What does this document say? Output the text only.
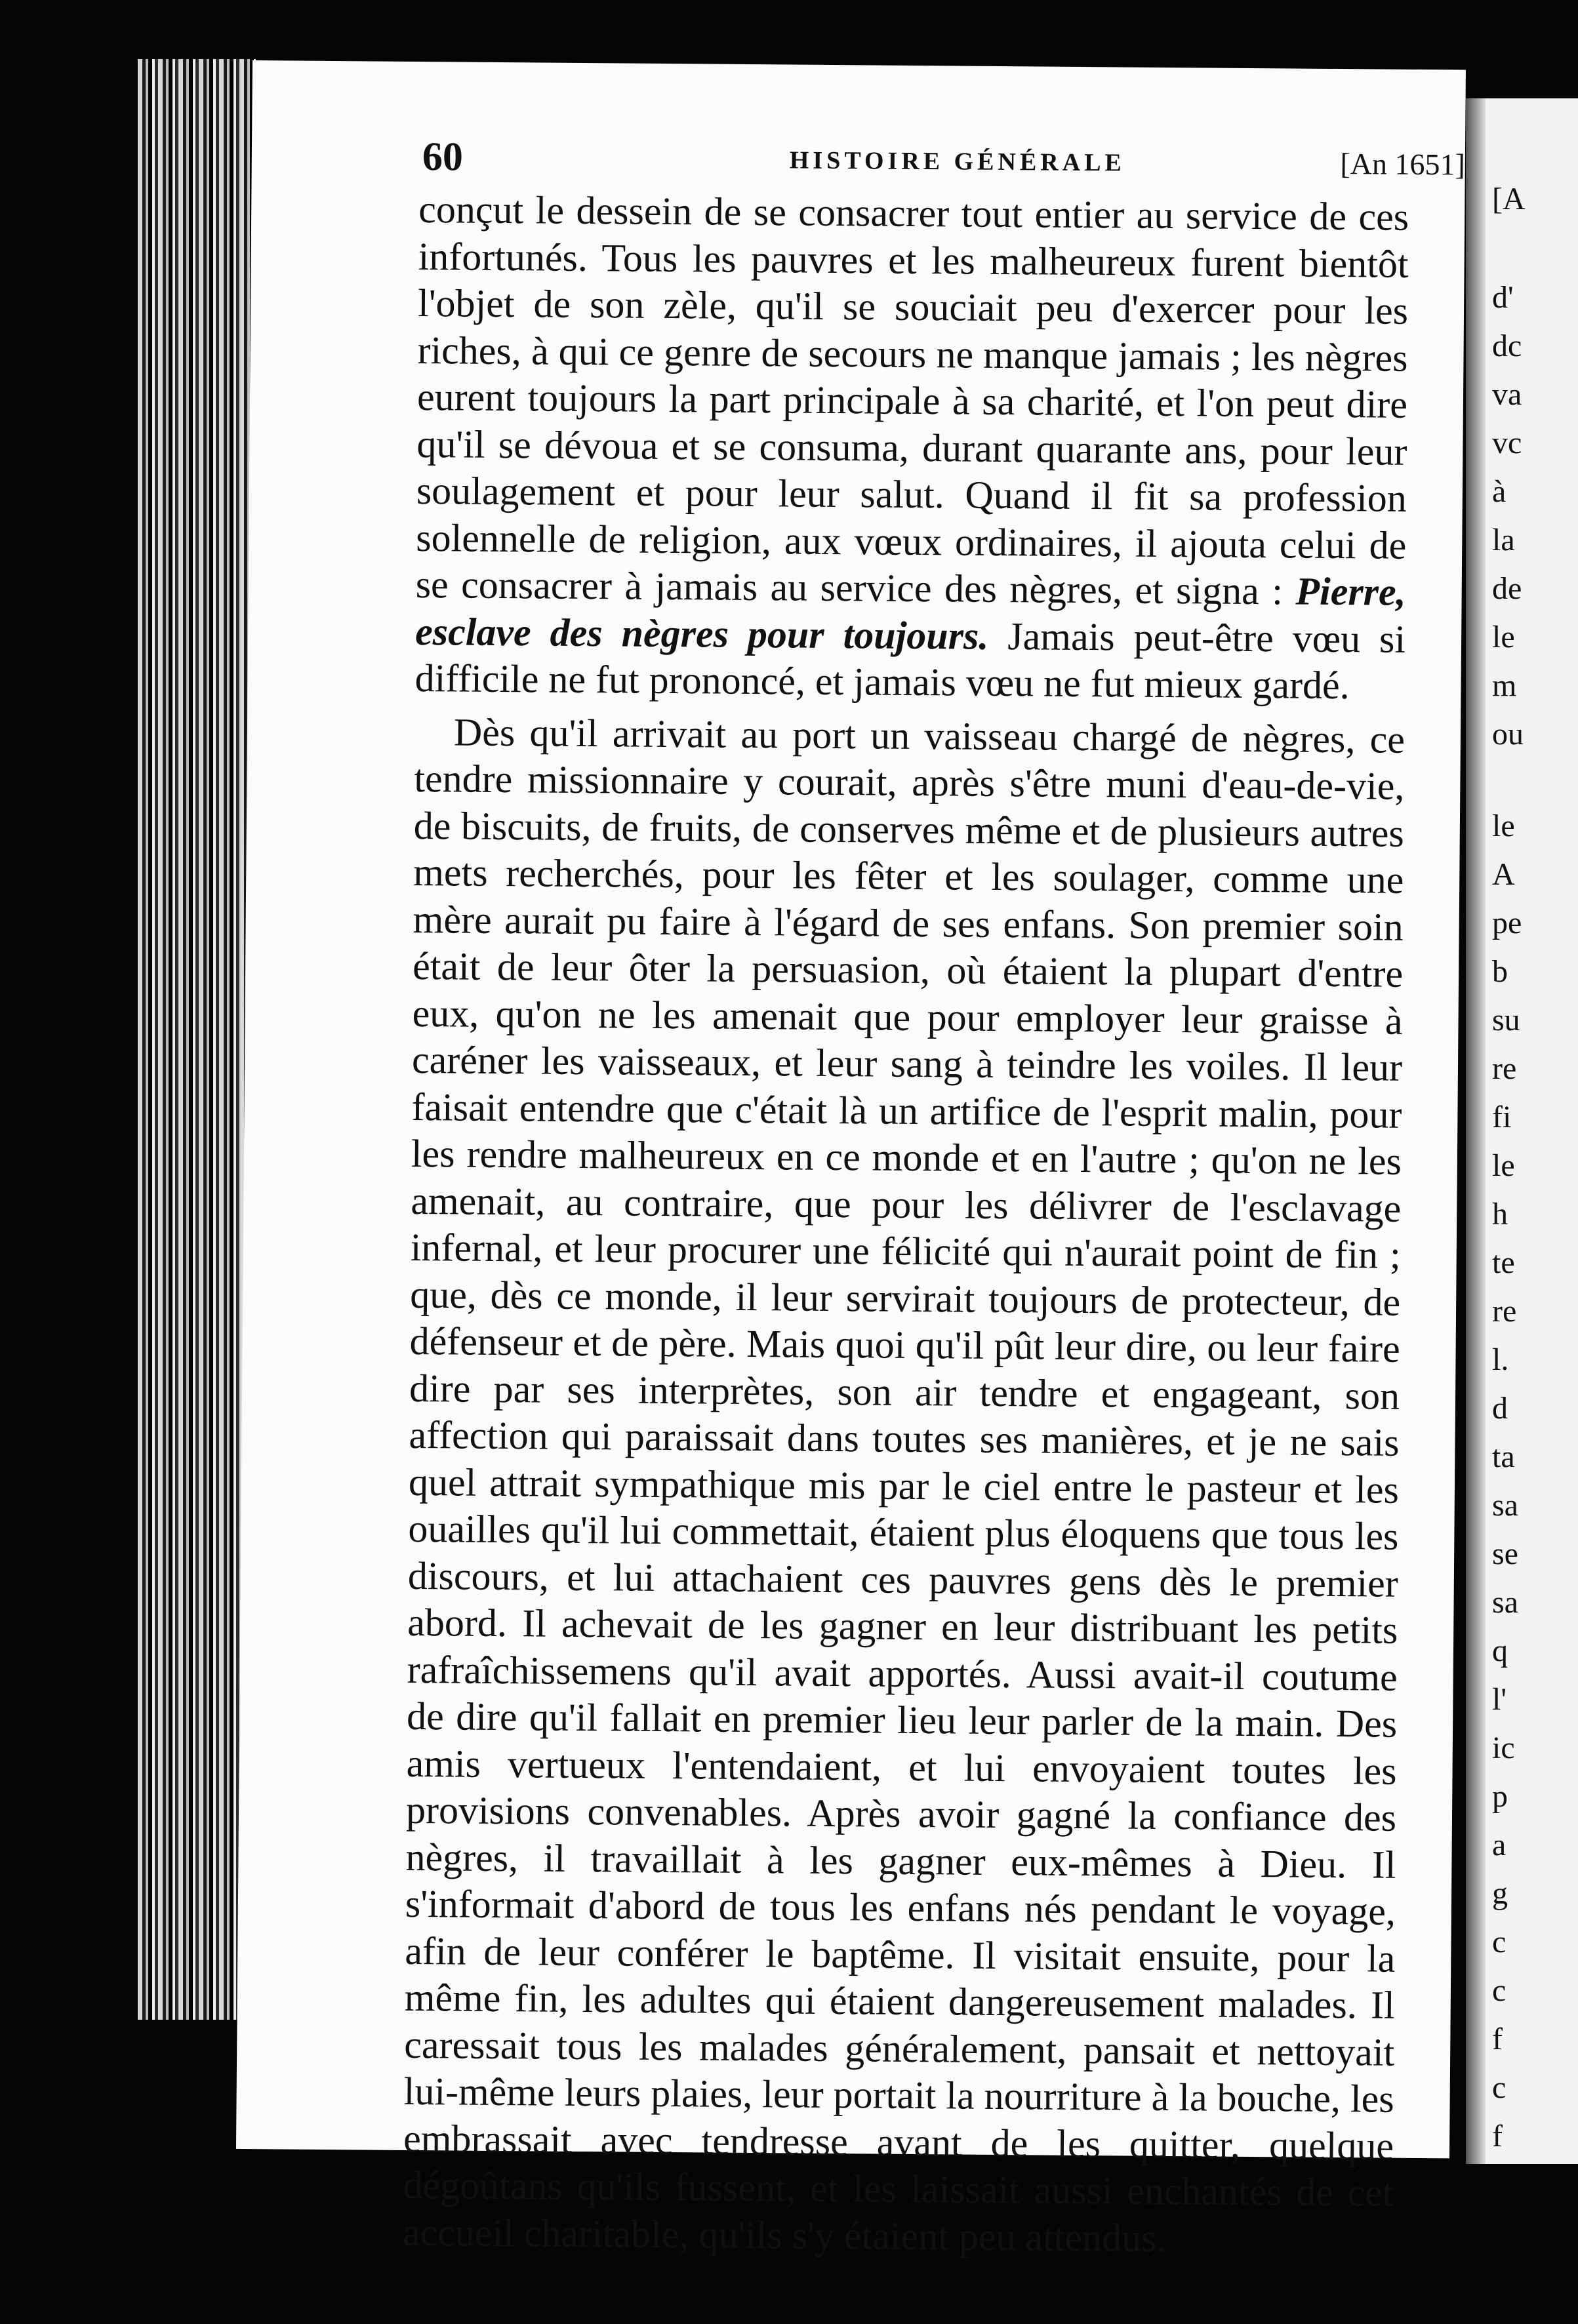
60	HISTOIRE GÉNÉRALE	[An 1651]

conçut le dessein de se consacrer tout entier au service de ces infortunés. Tous les pauvres et les malheureux furent bientôt l'objet de son zèle, qu'il se souciait peu d'exercer pour les riches, à qui ce genre de secours ne manque jamais ; les nègres eurent toujours la part principale à sa charité, et l'on peut dire qu'il se dévoua et se consuma, durant quarante ans, pour leur soulagement et pour leur salut. Quand il fit sa profession solennelle de religion, aux vœux ordinaires, il ajouta celui de se consacrer à jamais au service des nègres, et signa : Pierre, esclave des nègres pour toujours. Jamais peut-être vœu si difficile ne fut prononcé, et jamais vœu ne fut mieux gardé.

Dès qu'il arrivait au port un vaisseau chargé de nègres, ce tendre missionnaire y courait, après s'être muni d'eau-de-vie, de biscuits, de fruits, de conserves même et de plusieurs autres mets recherchés, pour les fêter et les soulager, comme une mère aurait pu faire à l'égard de ses enfans. Son premier soin était de leur ôter la persuasion, où étaient la plupart d'entre eux, qu'on ne les amenait que pour employer leur graisse à caréner les vaisseaux, et leur sang à teindre les voiles. Il leur faisait entendre que c'était là un artifice de l'esprit malin, pour les rendre malheureux en ce monde et en l'autre ; qu'on ne les amenait, au contraire, que pour les délivrer de l'esclavage infernal, et leur procurer une félicité qui n'aurait point de fin ; que, dès ce monde, il leur servirait toujours de protecteur, de défenseur et de père. Mais quoi qu'il pût leur dire, ou leur faire dire par ses interprètes, son air tendre et engageant, son affection qui paraissait dans toutes ses manières, et je ne sais quel attrait sympathique mis par le ciel entre le pasteur et les ouailles qu'il lui commettait, étaient plus éloquens que tous les discours, et lui attachaient ces pauvres gens dès le premier abord. Il achevait de les gagner en leur distribuant les petits rafraîchissemens qu'il avait apportés. Aussi avait-il coutume de dire qu'il fallait en premier lieu leur parler de la main. Des amis vertueux l'entendaient, et lui envoyaient toutes les provisions convenables. Après avoir gagné la confiance des nègres, il travaillait à les gagner eux-mêmes à Dieu. Il s'informait d'abord de tous les enfans nés pendant le voyage, afin de leur conférer le baptême. Il visitait ensuite, pour la même fin, les adultes qui étaient dangereusement malades. Il caressait tous les malades généralement, pansait et nettoyait lui-même leurs plaies, leur portait la nourriture à la bouche, les embrassait avec tendresse avant de les quitter, quelque dégoûtans qu'ils fussent, et les laissait aussi enchantés de cet accueil charitable, qu'ils s'y étaient peu attendus.

[A
d'
dc
va
vc
à
la
de
le
m
ou
le
A
pe
b
su
re
fi
le
h
te
re
l.
d
ta
sa
se
sa
q
l'
ic
p
a
g
c
c
f
c
f
